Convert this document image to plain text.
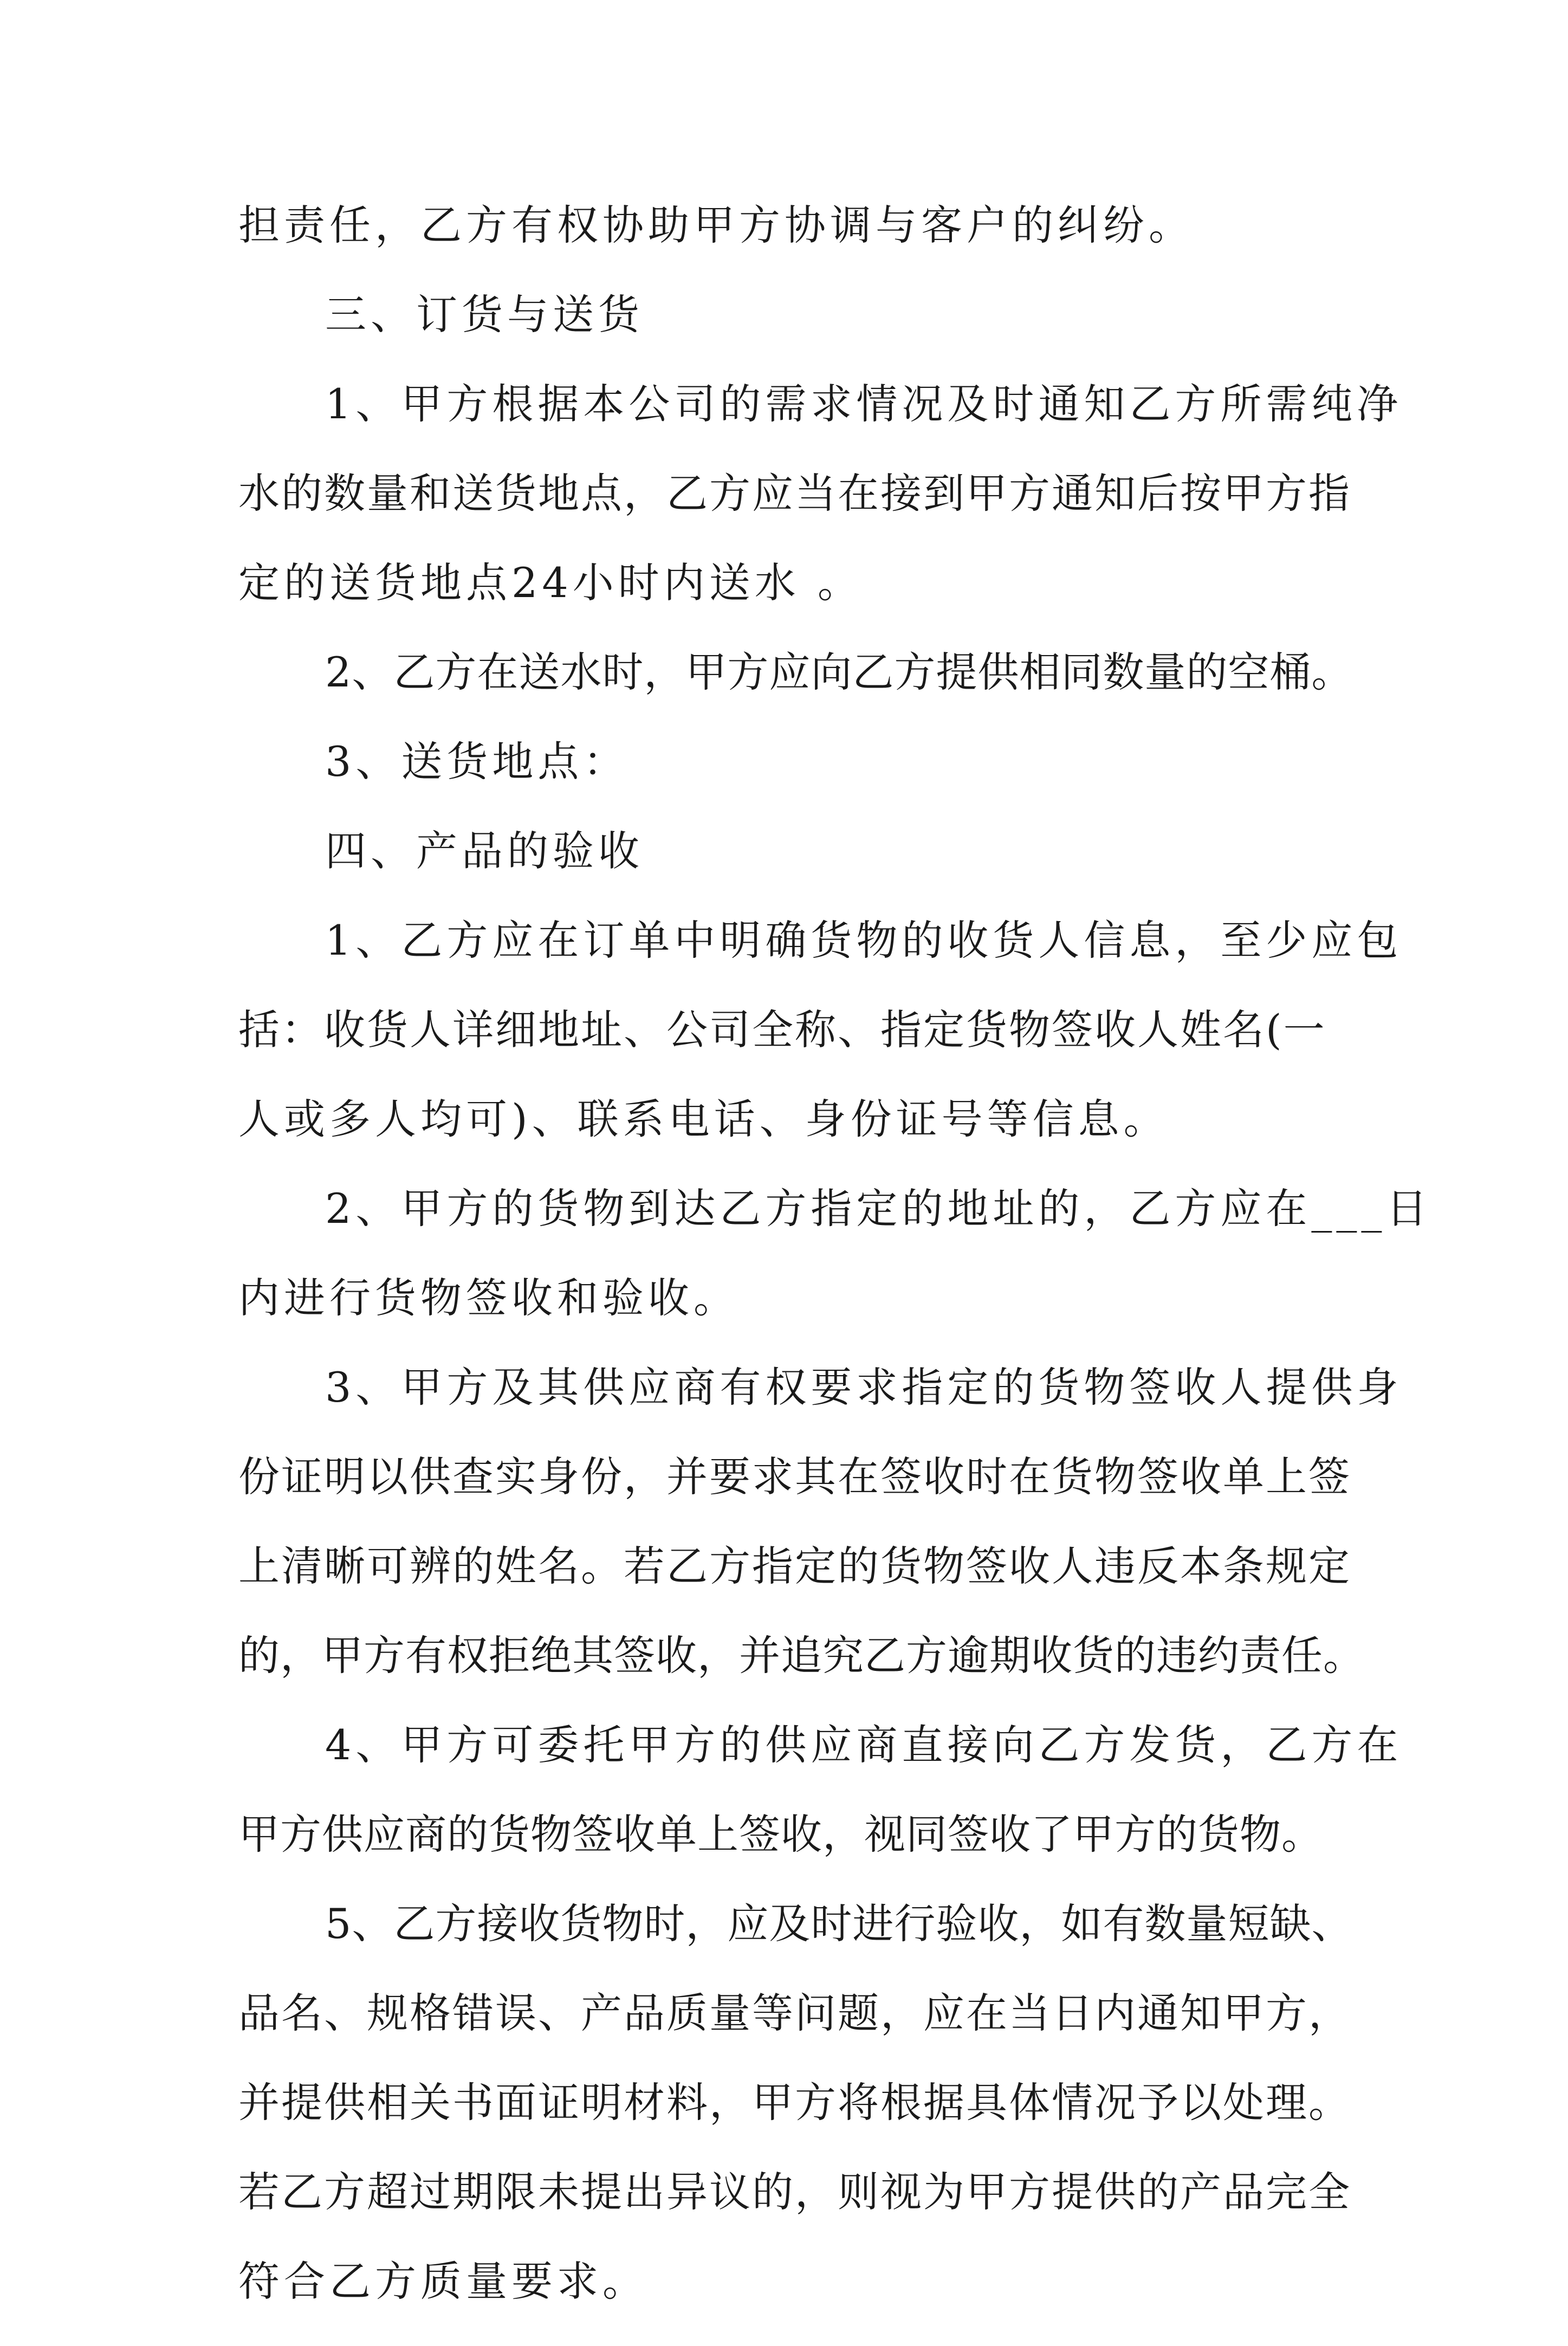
担责任，乙方有权协助甲方协调与客户的纠纷。
三、订货与送货
1、甲方根据本公司的需求情况及时通知乙方所需纯净
水的数量和送货地点，乙方应当在接到甲方通知后按甲方指
定的送货地点24小时内送水 。
2、乙方在送水时，甲方应向乙方提供相同数量的空桶。
3、送货地点：
四、产品的验收
1、乙方应在订单中明确货物的收货人信息，至少应包
括：收货人详细地址、公司全称、指定货物签收人姓名(一
人或多人均可)、联系电话、身份证号等信息。
2、甲方的货物到达乙方指定的地址的，乙方应在___日
内进行货物签收和验收。
3、甲方及其供应商有权要求指定的货物签收人提供身
份证明以供查实身份，并要求其在签收时在货物签收单上签
上清晰可辨的姓名。若乙方指定的货物签收人违反本条规定
的，甲方有权拒绝其签收，并追究乙方逾期收货的违约责任。
4、甲方可委托甲方的供应商直接向乙方发货，乙方在
甲方供应商的货物签收单上签收，视同签收了甲方的货物。
5、乙方接收货物时，应及时进行验收，如有数量短缺、
品名、规格错误、产品质量等问题，应在当日内通知甲方，
并提供相关书面证明材料，甲方将根据具体情况予以处理。
若乙方超过期限未提出异议的，则视为甲方提供的产品完全
符合乙方质量要求。
